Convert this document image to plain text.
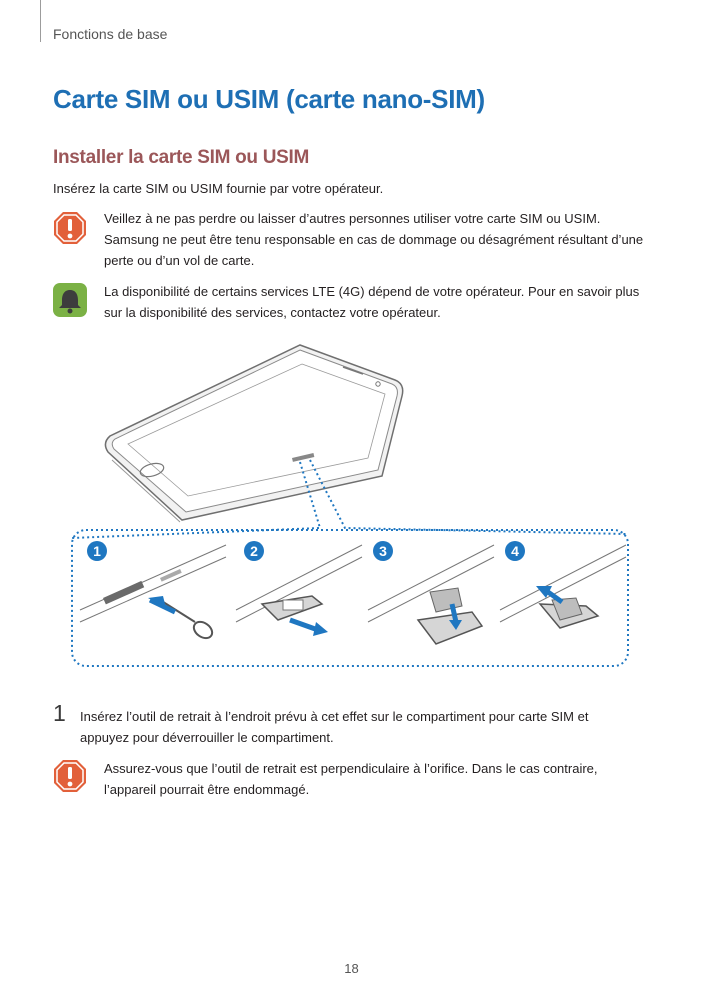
Fonctions de base
Carte SIM ou USIM (carte nano-SIM)
Installer la carte SIM ou USIM
Insérez la carte SIM ou USIM fournie par votre opérateur.
Veillez à ne pas perdre ou laisser d’autres personnes utiliser votre carte SIM ou USIM. Samsung ne peut être tenu responsable en cas de dommage ou désagrément résultant d’une perte ou d’un vol de carte.
La disponibilité de certains services LTE (4G) dépend de votre opérateur. Pour en savoir plus sur la disponibilité des services, contactez votre opérateur.
1	2	3	4
1 Insérez l’outil de retrait à l’endroit prévu à cet effet sur le compartiment pour carte SIM et appuyez pour déverrouiller le compartiment.
Assurez-vous que l’outil de retrait est perpendiculaire à l’orifice. Dans le cas contraire, l’appareil pourrait être endommagé.
18
